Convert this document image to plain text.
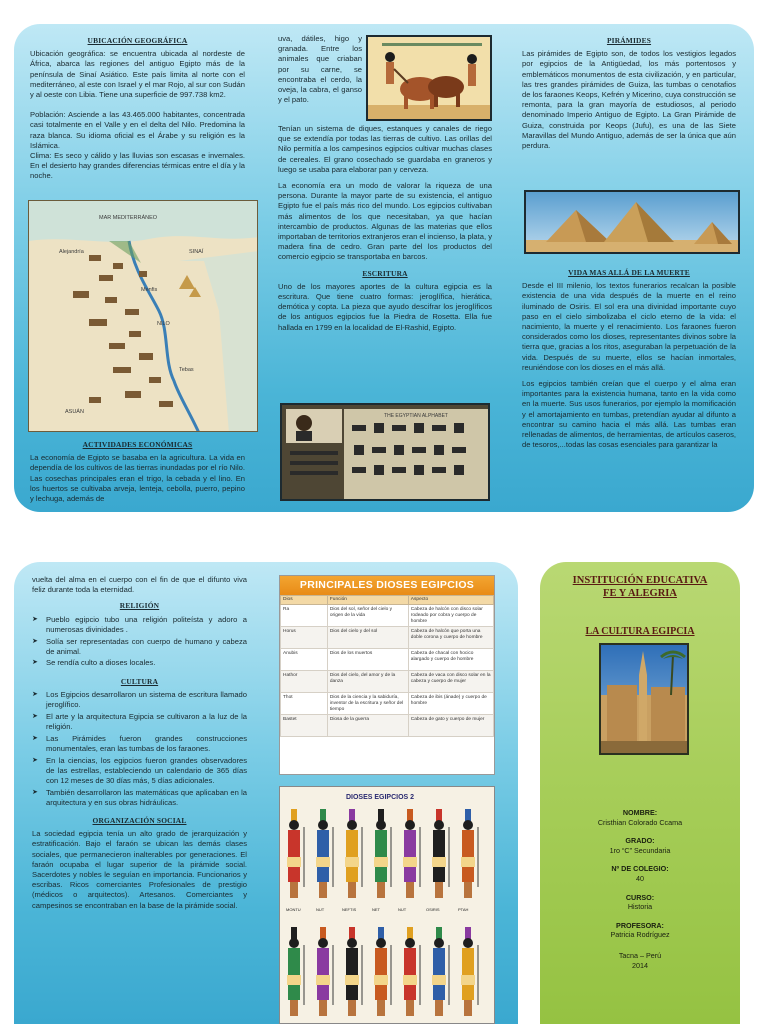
UBICACIÓN GEOGRÁFICA

Ubicación geográfica: se encuentra ubicada al nordeste de África, abarca las regiones del antiguo Egipto más de la península de Sinaí Asiático. Este país limita al norte con el mediterráneo, al este con Israel y el mar Rojo, al sur con Sudán y al oeste con Libia. Tiene una superficie de 997.738 km2.

Población: Asciende a las 43.465.000 habitantes, concentrada casi totalmente en el Valle y en el delta del Nilo. Predomina la raza blanca. Su idioma oficial es el Árabe y su religión es la Islámica.

Clima: Es seco y cálido y las lluvias son escasas e invernales. En el desierto hay grandes diferencias térmicas entre el día y la noche.

MAR MEDITERRÁNEO
SINAÍ
NILO
ASUÁN
Alejandría
Menfis
Tebas
ACTIVIDADES ECONÓMICAS

La economía de Egipto se basaba en la agricultura. La vida en dependía de los cultivos de las tierras inundadas por el río Nilo. Las cosechas principales eran el trigo, la cebada y el lino. En los huertos se cultivaba arveja, lenteja, cebolla, puerro, pepino y lechuga, además de

uva, dátiles, higo y granada. Entre los animales que criaban por su carne, se encontraba el cerdo, la oveja, la cabra, el ganso y el pato.

Tenían un sistema de diques, estanques y canales de riego que se extendía por todas las tierras de cultivo. Las orillas del Nilo permitía a los campesinos egipcios cultivar muchas clases de cereales. El grano cosechado se guardaba en graneros y luego se usaba para elaborar pan y cerveza.

La economía era un modo de valorar la riqueza de una persona. Durante la mayor parte de su existencia, el antiguo Egipto fue el país más rico del mundo. Los egipcios cultivaban más alimentos de los que necesitaban, ya que hacían intercambio de productos. Algunas de las materias que ellos importaban de territorios extranjeros eran el incienso, la plata, y madera fina de cedro. Gran parte del los productos del comercio egipcio se transportaba en barcos.

ESCRITURA

Uno de los mayores aportes de la cultura egipcia es la escritura. Que tiene cuatro formas: jeroglífica, hierática, demótica y copta. La pieza que ayudo descifrar los jeroglíficos de los antiguos egipcios fue la Piedra de Rosetta. Ella fue hallada en 1799 en la localidad de El-Rashid, Egipto.

THE EGYPTIAN ALPHABET
PIRÁMIDES

Las pirámides de Egipto son, de todos los vestigios legados por egipcios de la Antigüedad, los más portentosos y emblemáticos monumentos de esta civilización, y en particular, las tres grandes pirámides de Guiza, las tumbas o cenotafios de los faraones Keops, Kefrén y Micerino, cuya construcción se remonta, para la gran mayoría de estudiosos, al periodo denominado Imperio Antiguo de Egipto. La Gran Pirámide de Guiza, construida por Keops (Jufu), es una de las Siete Maravillas del Mundo Antiguo, además de ser la única que aún perdura.

VIDA MAS ALLÁ DE LA MUERTE

Desde el III milenio, los textos funerarios recalcan la posible existencia de una vida después de la muerte en el reino iluminado de Osiris. El sol era una divinidad importante cuyo paso en el cielo simbolizaba el ciclo eterno de la vida: el nacimiento, la muerte y el renacimiento. Los faraones fueron considerados como los dioses, representantes divinos sobre la tierra que, gracias a los ritos, aseguraban la perpetuación de la vida. Después de su muerte, ellos se hacían inmortales, reuniéndose con los dioses en el más allá.

Los egipcios también creían que el cuerpo y el alma eran importantes para la existencia humana, tanto en la vida como en la muerte. Sus usos funerarios, por ejemplo la momificación y el amortajamiento en tumbas, pretendían ayudar al difunto a encontrar su camino hacia el más allá. Las tumbas eran rellenadas de alimentos, de herramientas, de artículos caseros, de tesoros,...todas las cosas esenciales para garantizar la

vuelta del alma en el cuerpo con el fin de que el difunto viva feliz durante toda la eternidad.

RELIGIÓN
➤ Pueblo egipcio tubo una religión politeísta y adoro a numerosas divinidades .
➤ Solía ser representadas con cuerpo de humano y cabeza de animal.
➤ Se rendía culto a dioses locales.
CULTURA
➤ Los Egipcios desarrollaron un sistema de escritura llamado jeroglífico.
➤ El arte y la arquitectura Egipcia se cultivaron a la luz de la religión.
➤ Las Pirámides fueron grandes construcciones monumentales, eran las tumbas de los faraones.
➤ En la ciencias, los egipcios fueron grandes observadores de las estrellas, estableciendo un calendario de 365 días con 12 meses de 30 días más, 5 días adicionales.
➤ También desarrollaron las matemáticas que aplicaban en la arquitectura y en sus obras hidráulicas.
ORGANIZACIÓN SOCIAL

La sociedad egipcia tenía un alto grado de jerarquización y estratificación. Bajo el faraón se ubican las demás clases sociales, que permanecieron inalterables por generaciones. El faraón ocupaba el lugar superior de la pirámide social. Sacerdotes y nobles le seguían en importancia. Funcionarios y escribas. Ricos comerciantes Profesionales de prestigio (médicos o arquitectos). Artesanos. Comerciantes y campesinos se encontraban en la base de la pirámide social.

PRINCIPALES DIOSES EGIPCIOS
Dios	Función	Aspecto
Ra	Dios del sol, señor del cielo y origen de la vida	Cabeza de halcón con disco solar rodeado por cobra y cuerpo de hombre
Horus	Dios del cielo y del sol	Cabeza de halcón que porta una doble corona y cuerpo de hombre
Anubis	Dios de los muertos	Cabeza de chacal con hocico alargado y cuerpo de hombre
Hathor	Dios del cielo, del amor y de la danza	Cabeza de vaca con disco solar en la cabeza y cuerpo de mujer
Thot	Dios de la ciencia y la sabiduría, inventor de la escritura y señor del tiempo	Cabeza de ibis (ánade) y cuerpo de hombre
Bastet	Diosa de la guerra	Cabeza de gato y cuerpo de mujer
DIOSES EGIPCIOS 2
MONTU	NUT	NEFTIS	NET	NUT	OSIRIS	PTAH
INSTITUCIÓN EDUCATIVA
FE Y ALEGRIA
LA CULTURA EGIPCIA
NOMBRE:
Cristhian Colorado Ccama
GRADO:
1ro “C” Secundaria
Nº DE COLEGIO:
40
CURSO:
Historia
PROFESORA:
Patricia Rodríguez
Tacna – Perú
2014
